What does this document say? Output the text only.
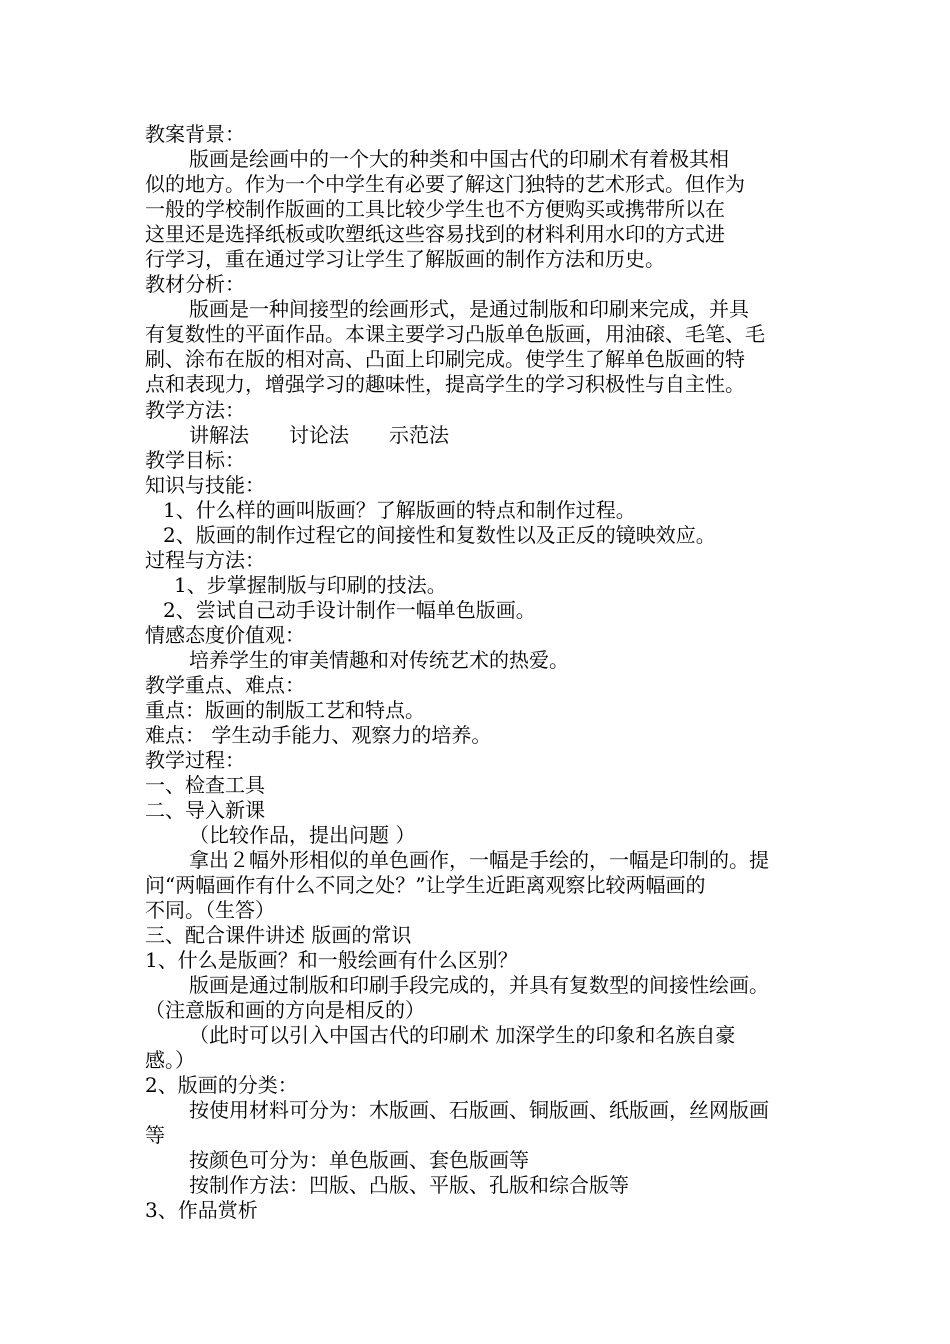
教案背景：
版画是绘画中的一个大的种类和中国古代的印刷术有着极其相
似的地方。作为一个中学生有必要了解这门独特的艺术形式。但作为
一般的学校制作版画的工具比较少学生也不方便购买或携带所以在
这里还是选择纸板或吹塑纸这些容易找到的材料利用水印的方式进
行学习，重在通过学习让学生了解版画的制作方法和历史。
教材分析：
版画是一种间接型的绘画形式，是通过制版和印刷来完成，并具
有复数性的平面作品。本课主要学习凸版单色版画，用油磙、毛笔、毛
刷、涂布在版的相对高、凸面上印刷完成。使学生了解单色版画的特
点和表现力，增强学习的趣味性，提高学生的学习积极性与自主性。
教学方法：
讲解法　　讨论法　　示范法
教学目标：
知识与技能：
1、什么样的画叫版画？了解版画的特点和制作过程。
2、版画的制作过程它的间接性和复数性以及正反的镜映效应。
过程与方法：
1、步掌握制版与印刷的技法。
2、尝试自己动手设计制作一幅单色版画。
情感态度价值观：
培养学生的审美情趣和对传统艺术的热爱。
教学重点、难点：
重点：版画的制版工艺和特点。
难点： 学生动手能力、观察力的培养。
教学过程：
一、检查工具
二、导入新课
（比较作品，提出问题 ）
拿出２幅外形相似的单色画作，一幅是手绘的，一幅是印制的。提
问“两幅画作有什么不同之处？”让学生近距离观察比较两幅画的
不同。（生答）
三、配合课件讲述 版画的常识
1、什么是版画？和一般绘画有什么区别？
版画是通过制版和印刷手段完成的，并具有复数型的间接性绘画。
（注意版和画的方向是相反的）
（此时可以引入中国古代的印刷术 加深学生的印象和名族自豪
感。）
2、版画的分类：
按使用材料可分为：木版画、石版画、铜版画、纸版画，丝网版画
等
按颜色可分为：单色版画、套色版画等
按制作方法：凹版、凸版、平版、孔版和综合版等
3、作品赏析
